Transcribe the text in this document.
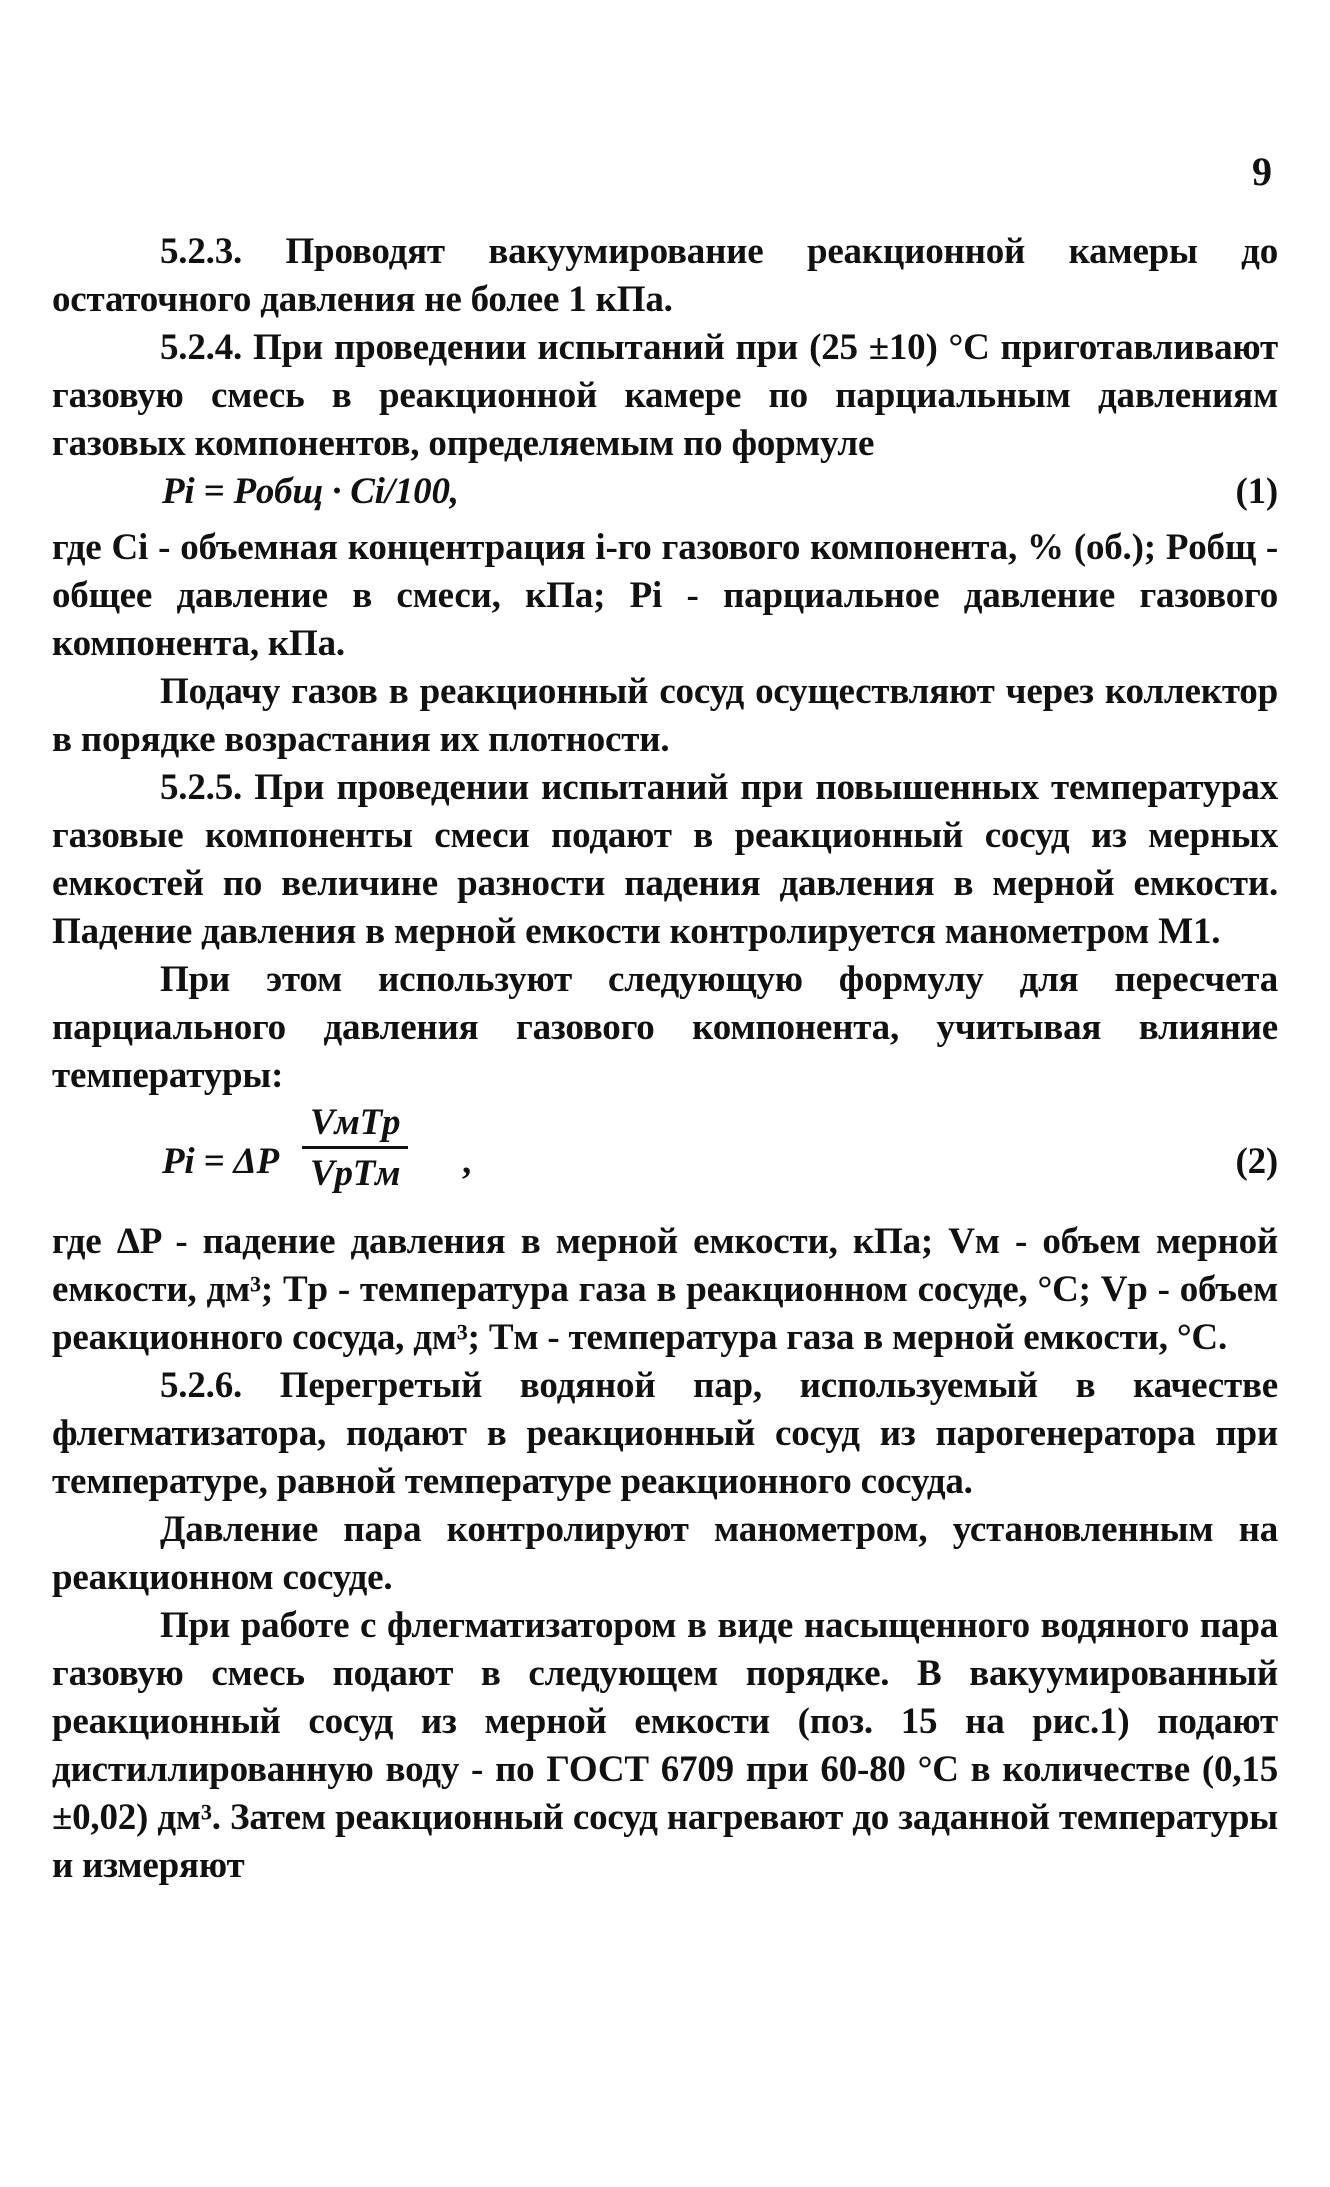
9

5.2.3. Проводят вакуумирование реакционной камеры до остаточного давления не более 1 кПа.

5.2.4. При проведении испытаний при (25 ±10) °С приготавливают газовую смесь в реакционной камере по парциальным давлениям газовых компонентов, определяемым по формуле

Pi = Pобщ · Ci/100,	(1)

где Ci - объемная концентрация i-го газового компонента, % (об.); Pобщ - общее давление в смеси, кПа; Pi - парциальное давление газового компонента, кПа.

Подачу газов в реакционный сосуд осуществляют через коллектор в порядке возрастания их плотности.

5.2.5. При проведении испытаний при повышенных температурах газовые компоненты смеси подают в реакционный сосуд из мерных емкостей по величине разности падения давления в мерной емкости. Падение давления в мерной емкости контролируется манометром М1.

При этом используют следующую формулу для пересчета парциального давления газового компонента, учитывая влияние температуры:

Pi = ΔP
VмTр
VрTм ,	(2)

где ΔP - падение давления в мерной емкости, кПа; Vм - объем мерной емкости, дм³; Tр - температура газа в реакционном сосуде, °С; Vр - объем реакционного сосуда, дм³; Tм - температура газа в мерной емкости, °С.

5.2.6. Перегретый водяной пар, используемый в качестве флегматизатора, подают в реакционный сосуд из парогенератора при температуре, равной температуре реакционного сосуда.

Давление пара контролируют манометром, установленным на реакционном сосуде.

При работе с флегматизатором в виде насыщенного водяного пара газовую смесь подают в следующем порядке. В вакуумированный реакционный сосуд из мерной емкости (поз. 15 на рис.1) подают дистиллированную воду - по ГОСТ 6709 при 60-80 °С в количестве (0,15 ±0,02) дм³. Затем реакционный сосуд нагревают до заданной температуры и измеряют
